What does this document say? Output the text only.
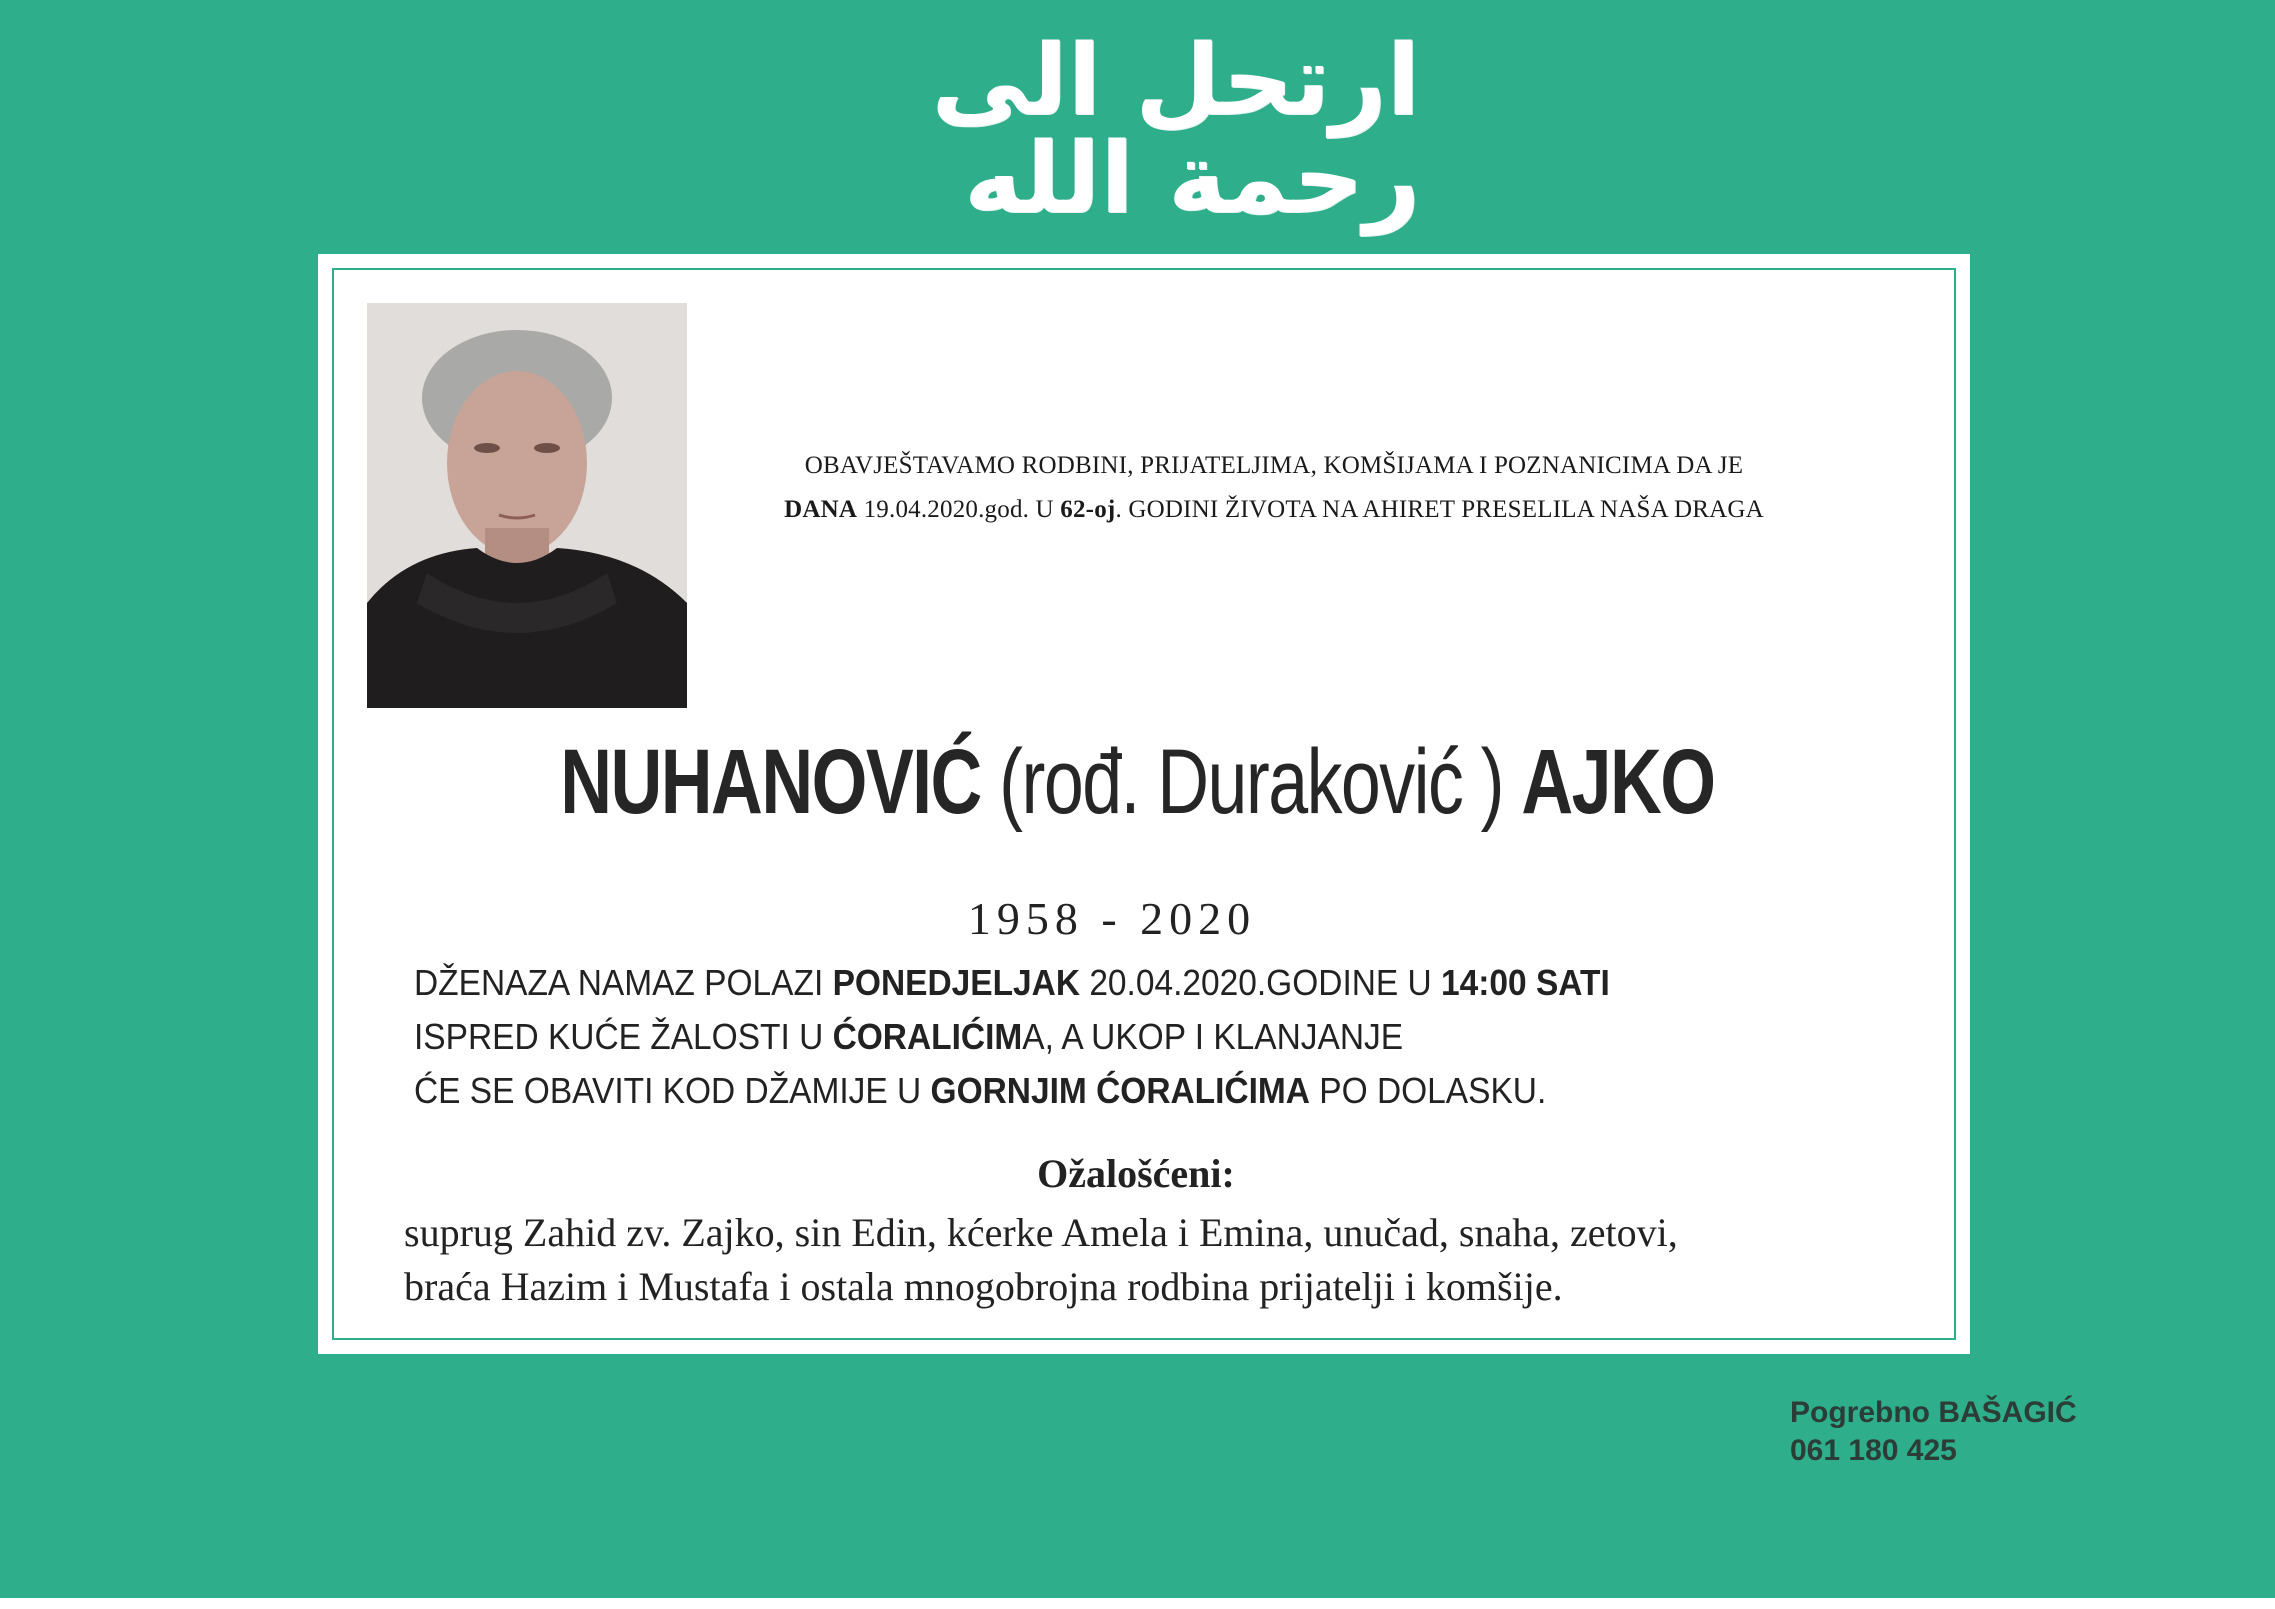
ارتحل الى رحمة الله
OBAVJEŠTAVAMO RODBINI, PRIJATELJIMA, KOMŠIJAMA I POZNANICIMA DA JE
DANA 19.04.2020.god. U 62-oj. GODINI ŽIVOTA NA AHIRET PRESELILA NAŠA DRAGA
NUHANOVIĆ (rođ. Duraković ) AJKO
1958 - 2020
DŽENAZA NAMAZ POLAZI PONEDJELJAK 20.04.2020.GODINE U 14:00 SATI
ISPRED KUĆE ŽALOSTI U ĆORALIĆIMA, A UKOP I KLANJANJE
ĆE SE OBAVITI KOD DŽAMIJE U GORNJIM ĆORALIĆIMA PO DOLASKU.
Ožalošćeni:
suprug Zahid zv. Zajko, sin Edin, kćerke Amela i Emina, unučad, snaha, zetovi,
braća Hazim i Mustafa i ostala mnogobrojna rodbina prijatelji i komšije.
Pogrebno BAŠAGIĆ
061 180 425
